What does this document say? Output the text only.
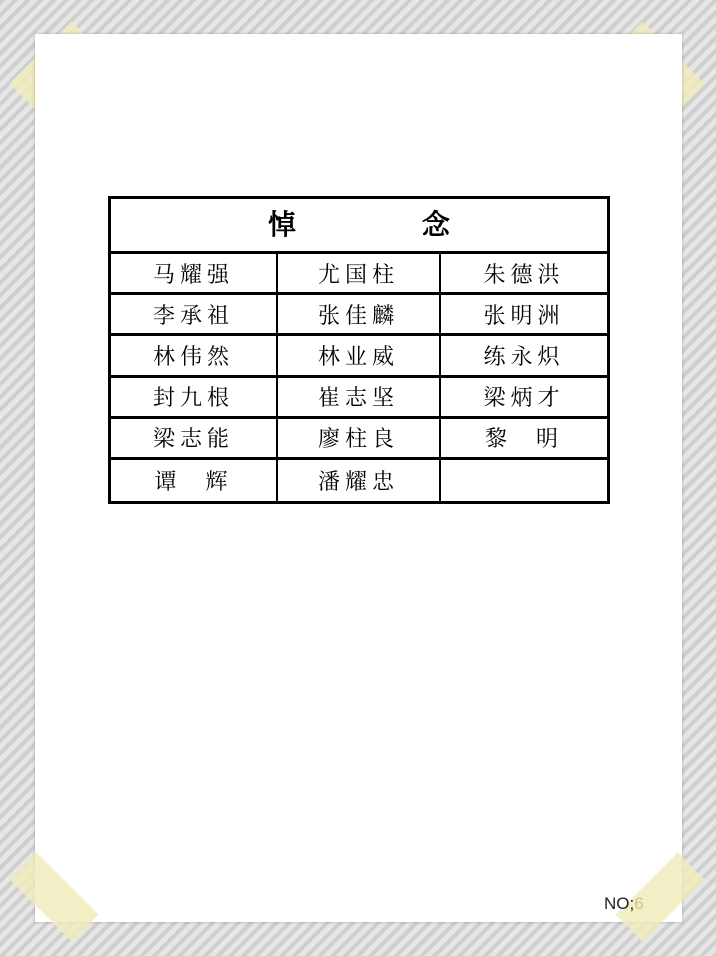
悼 念
马耀强	尤国柱	朱德洪
李承祖	张佳麟	张明洲
林伟然	林业威	练永炽
封九根	崔志坚	梁炳才
梁志能	廖柱良	黎  明
谭  辉	潘耀忠
NO;6
